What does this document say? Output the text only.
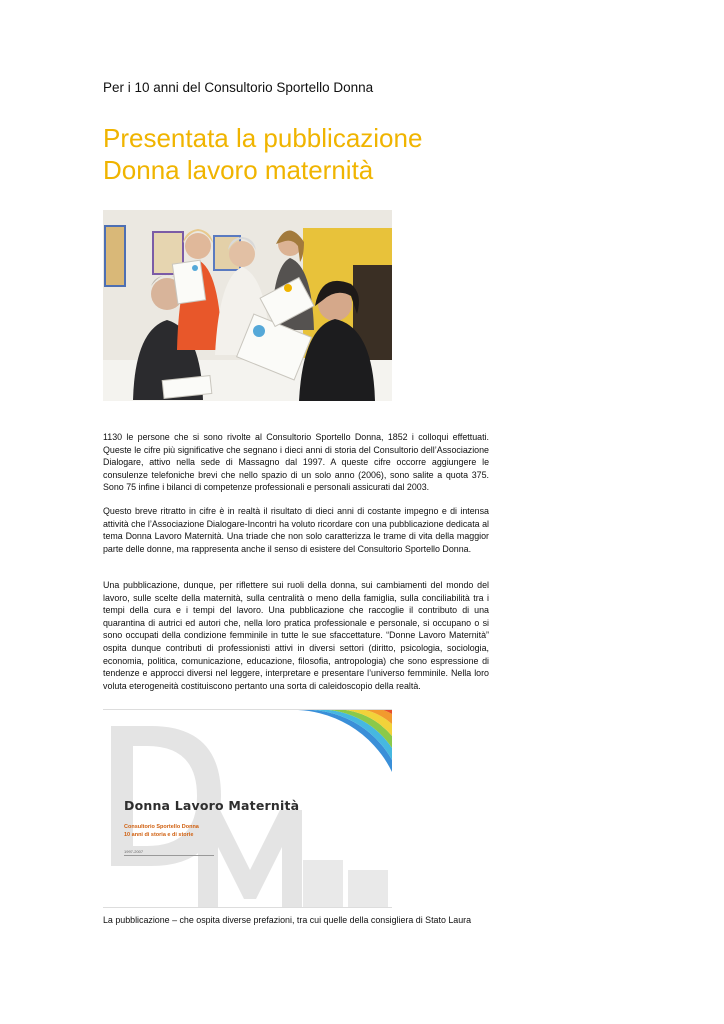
Per i 10 anni del Consultorio Sportello Donna
Presentata la pubblicazione
Donna lavoro maternità

1130 le persone che si sono rivolte al Consultorio Sportello Donna, 1852 i colloqui effettuati. Queste le cifre più significative che segnano i dieci anni di storia del Consultorio dell’Associazione Dialogare, attivo nella sede di Massagno dal 1997. A queste cifre occorre aggiungere le consulenze telefoniche brevi che nello spazio di un solo anno (2006), sono salite a quota 375. Sono 75 infine i bilanci di competenze professionali e personali assicurati dal 2003.

Questo breve ritratto in cifre è in realtà il risultato di dieci anni di costante impegno e di intensa attività che l’Associazione Dialogare-Incontri ha voluto ricordare con una pubblicazione dedicata al tema Donna Lavoro Maternità. Una triade che non solo caratterizza le trame di vita della maggior parte delle donne, ma rappresenta anche il senso di esistere del Consultorio Sportello Donna.

Una pubblicazione, dunque, per riflettere sui ruoli della donna, sui cambiamenti del mondo del lavoro, sulle scelte della maternità, sulla centralità o meno della famiglia, sulla conciliabilità tra i tempi della cura e i tempi del lavoro. Una pubblicazione che raccoglie il contributo di una quarantina di autrici ed autori che, nella loro pratica professionale e personale, si occupano o si sono occupati della condizione femminile in tutte le sue sfaccettature. “Donne Lavoro Maternità” ospita dunque contributi di professionisti attivi in diversi settori (diritto, psicologia, sociologia, economia, politica, comunicazione, educazione, filosofia, antropologia) che sono espressione di tendenze e approcci diversi nel leggere, interpretare e presentare l’universo femminile. Nella loro voluta eterogeneità costituiscono pertanto una sorta di caleidoscopio della realtà.

Donna Lavoro Maternità
Consultorio Sportello Donna
10 anni di storia e di storie
1997-2007

La pubblicazione – che ospita diverse prefazioni, tra cui quelle della consigliera di Stato Laura
